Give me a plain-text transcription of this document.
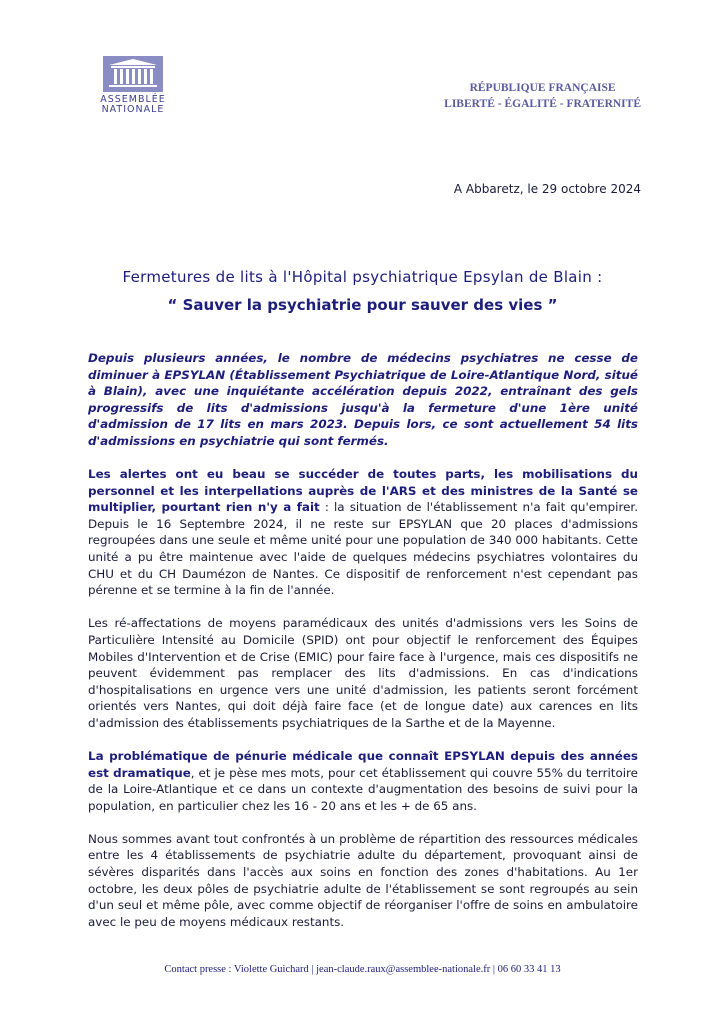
ASSEMBLÉE
NATIONALE
RÉPUBLIQUE FRANÇAISE
LIBERTÉ - ÉGALITÉ - FRATERNITÉ
A Abbaretz, le 29 octobre 2024
Fermetures de lits à l'Hôpital psychiatrique Epsylan de Blain :
“ Sauver la psychiatrie pour sauver des vies ”

Depuis plusieurs années, le nombre de médecins psychiatres ne cesse de diminuer à EPSYLAN (Établissement Psychiatrique de Loire-Atlantique Nord, situé à Blain), avec une inquiétante accélération depuis 2022, entraînant des gels progressifs de lits d'admissions jusqu'à la fermeture d'une 1ère unité d'admission de 17 lits en mars 2023. Depuis lors, ce sont actuellement 54 lits d'admissions en psychiatrie qui sont fermés.

Les alertes ont eu beau se succéder de toutes parts, les mobilisations du personnel et les interpellations auprès de l'ARS et des ministres de la Santé se multiplier, pourtant rien n'y a fait : la situation de l'établissement n'a fait qu'empirer. Depuis le 16 Septembre 2024, il ne reste sur EPSYLAN que 20 places d'admissions regroupées dans une seule et même unité pour une population de 340 000 habitants. Cette unité a pu être maintenue avec l'aide de quelques médecins psychiatres volontaires du CHU et du CH Daumézon de Nantes. Ce dispositif de renforcement n'est cependant pas pérenne et se termine à la fin de l'année.

Les ré-affectations de moyens paramédicaux des unités d'admissions vers les Soins de Particulière Intensité au Domicile (SPID) ont pour objectif le renforcement des Équipes Mobiles d'Intervention et de Crise (EMIC) pour faire face à l'urgence, mais ces dispositifs ne peuvent évidemment pas remplacer des lits d'admissions. En cas d'indications d'hospitalisations en urgence vers une unité d'admission, les patients seront forcément orientés vers Nantes, qui doit déjà faire face (et de longue date) aux carences en lits d'admission des établissements psychiatriques de la Sarthe et de la Mayenne.

La problématique de pénurie médicale que connaît EPSYLAN depuis des années est dramatique, et je pèse mes mots, pour cet établissement qui couvre 55% du territoire de la Loire-Atlantique et ce dans un contexte d'augmentation des besoins de suivi pour la population, en particulier chez les 16 - 20 ans et les + de 65 ans.

Nous sommes avant tout confrontés à un problème de répartition des ressources médicales entre les 4 établissements de psychiatrie adulte du département, provoquant ainsi de sévères disparités dans l'accès aux soins en fonction des zones d'habitations. Au 1er octobre, les deux pôles de psychiatrie adulte de l'établissement se sont regroupés au sein d'un seul et même pôle, avec comme objectif de réorganiser l'offre de soins en ambulatoire avec le peu de moyens médicaux restants.

Contact presse : Violette Guichard | jean-claude.raux@assemblee-nationale.fr | 06 60 33 41 13
